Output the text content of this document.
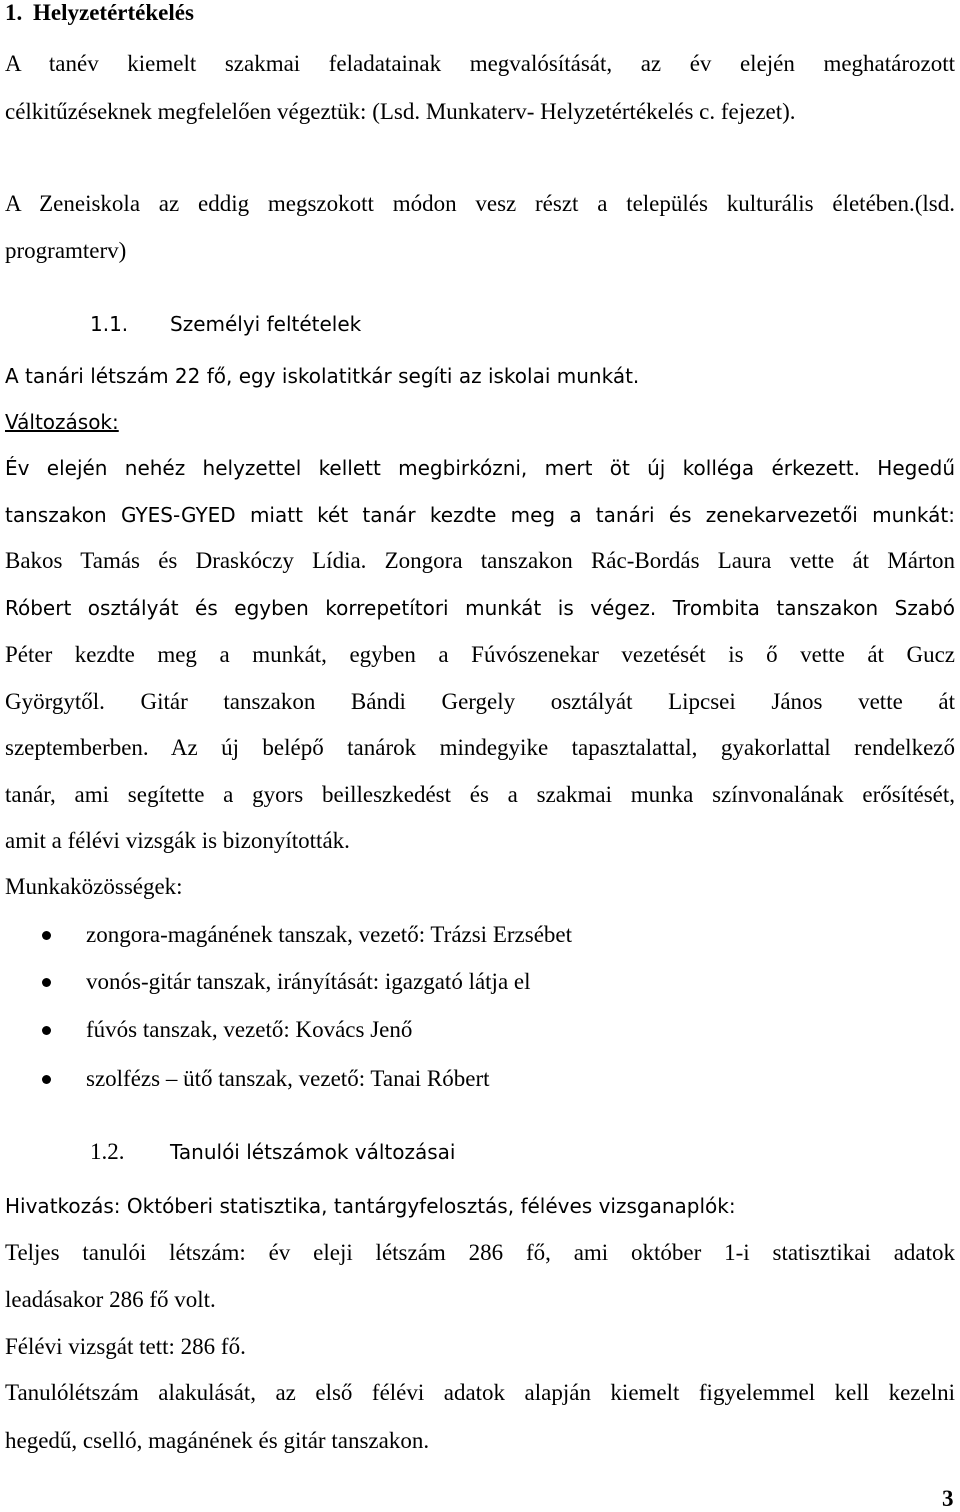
1. Helyzetértékelés
A tanév kiemelt szakmai feladatainak megvalósítását, az év elején meghatározott
célkitűzéseknek megfelelően végeztük: (Lsd. Munkaterv- Helyzetértékelés c. fejezet).
A Zeneiskola az eddig megszokott módon vesz részt a település kulturális életében.(lsd.
programterv)
1.1. Személyi feltételek
A tanári létszám 22 fő, egy iskolatitkár segíti az iskolai munkát.
Változások:
Év elején nehéz helyzettel kellett megbirkózni, mert öt új kolléga érkezett. Hegedű
tanszakon GYES-GYED miatt két tanár kezdte meg a tanári és zenekarvezetői munkát:
Bakos Tamás és Draskóczy Lídia. Zongora tanszakon Rác-Bordás Laura vette át Márton
Róbert osztályát és egyben korrepetítori munkát is végez. Trombita tanszakon Szabó
Péter kezdte meg a munkát, egyben a Fúvószenekar vezetését is ő vette át Gucz
Györgytől. Gitár tanszakon Bándi Gergely osztályát Lipcsei János vette át
szeptemberben. Az új belépő tanárok mindegyike tapasztalattal, gyakorlattal rendelkező
tanár, ami segítette a gyors beilleszkedést és a szakmai munka színvonalának erősítését,
amit a félévi vizsgák is bizonyították.
Munkaközösségek:
zongora-magánének tanszak, vezető: Trázsi Erzsébet
vonós-gitár tanszak, irányítását: igazgató látja el
fúvós tanszak, vezető: Kovács Jenő
szolfézs – ütő tanszak, vezető: Tanai Róbert
1.2. Tanulói létszámok változásai
Hivatkozás: Októberi statisztika, tantárgyfelosztás, féléves vizsganaplók:
Teljes tanulói létszám: év eleji létszám 286 fő, ami október 1-i statisztikai adatok
leadásakor 286 fő volt.
Félévi vizsgát tett: 286 fő.
Tanulólétszám alakulását, az első félévi adatok alapján kiemelt figyelemmel kell kezelni
hegedű, cselló, magánének és gitár tanszakon.
3
